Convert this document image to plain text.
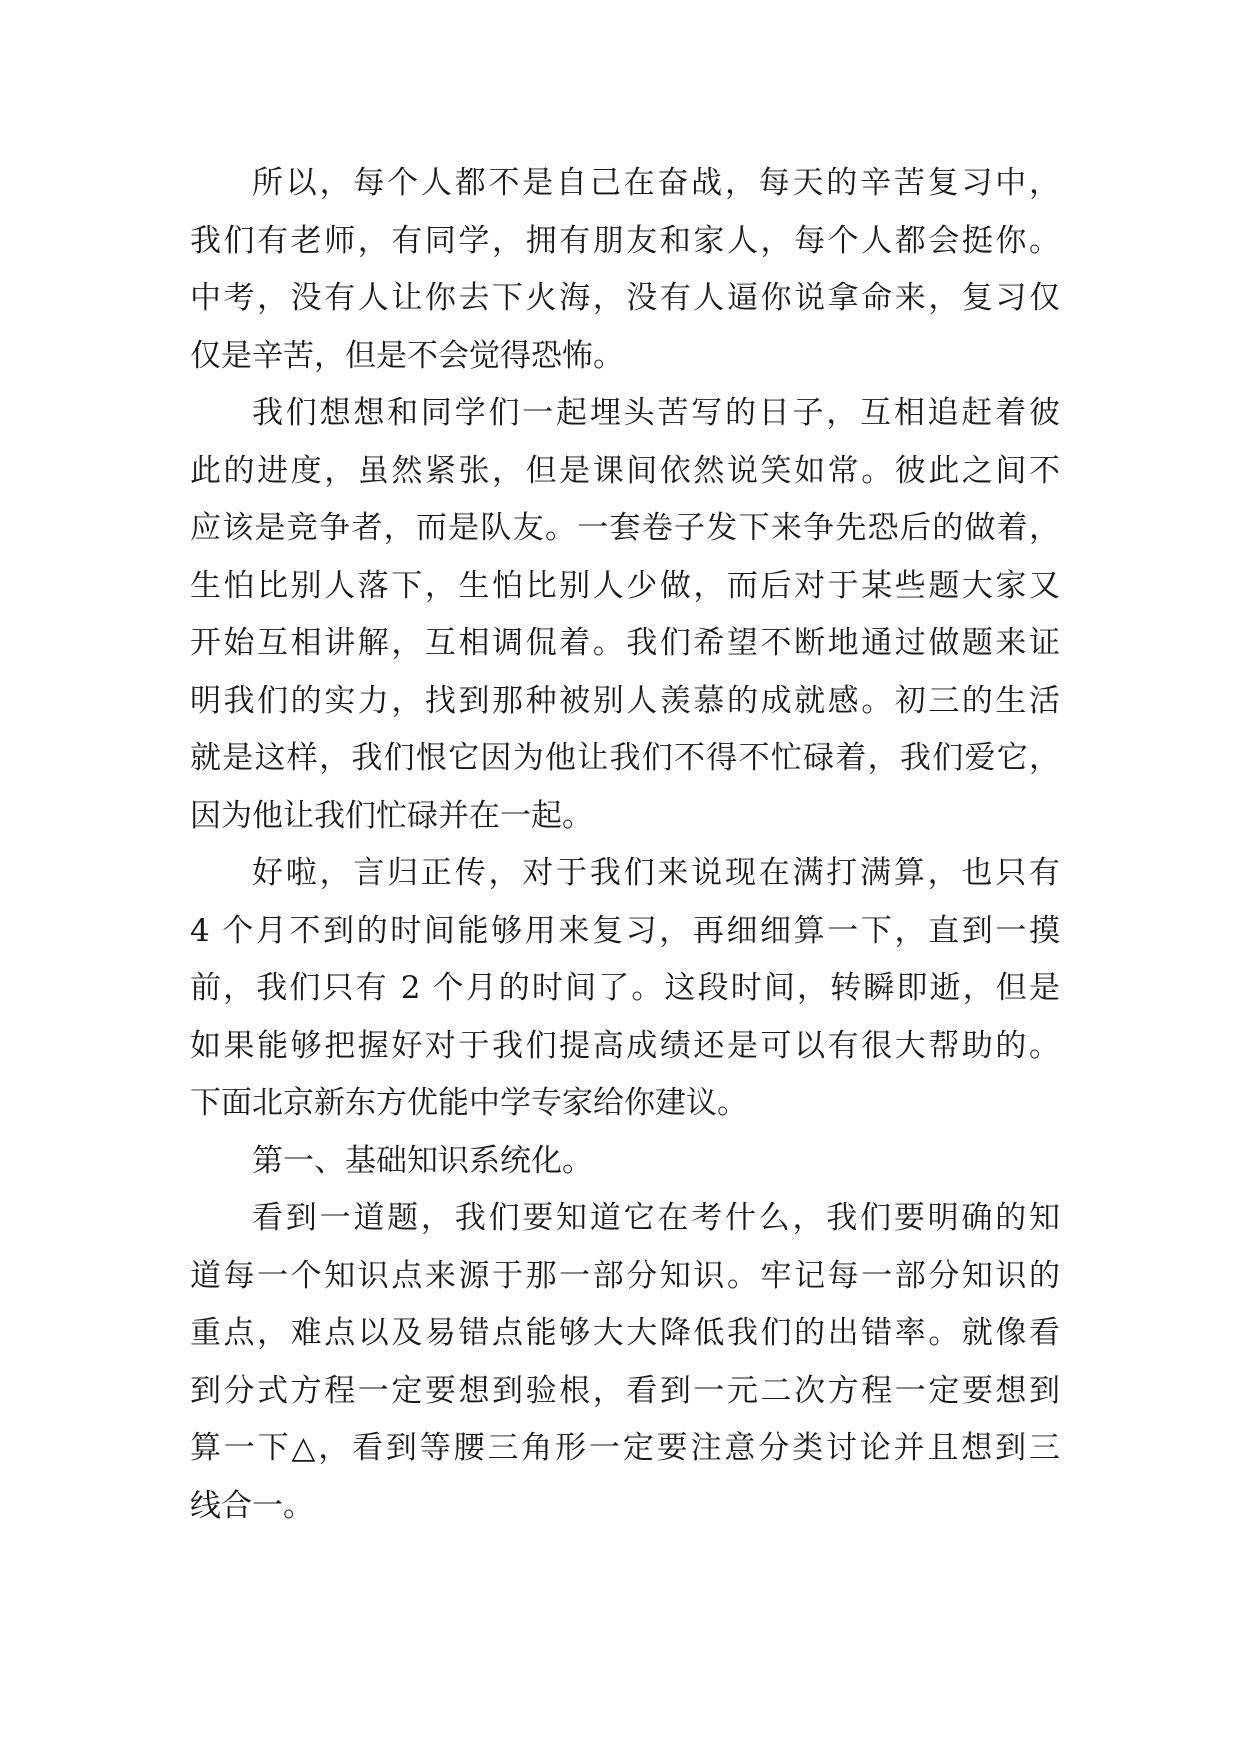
所以，每个人都不是自己在奋战，每天的辛苦复习中，
我们有老师，有同学，拥有朋友和家人，每个人都会挺你。
中考，没有人让你去下火海，没有人逼你说拿命来，复习仅
仅是辛苦，但是不会觉得恐怖。
我们想想和同学们一起埋头苦写的日子，互相追赶着彼
此的进度，虽然紧张，但是课间依然说笑如常。彼此之间不
应该是竞争者，而是队友。一套卷子发下来争先恐后的做着，
生怕比别人落下，生怕比别人少做，而后对于某些题大家又
开始互相讲解，互相调侃着。我们希望不断地通过做题来证
明我们的实力，找到那种被别人羡慕的成就感。初三的生活
就是这样，我们恨它因为他让我们不得不忙碌着，我们爱它，
因为他让我们忙碌并在一起。
好啦，言归正传，对于我们来说现在满打满算，也只有
4 个月不到的时间能够用来复习，再细细算一下，直到一摸
前，我们只有 2 个月的时间了。这段时间，转瞬即逝，但是
如果能够把握好对于我们提高成绩还是可以有很大帮助的。
下面北京新东方优能中学专家给你建议。
第一、基础知识系统化。
看到一道题，我们要知道它在考什么，我们要明确的知
道每一个知识点来源于那一部分知识。牢记每一部分知识的
重点，难点以及易错点能够大大降低我们的出错率。就像看
到分式方程一定要想到验根，看到一元二次方程一定要想到
算一下△，看到等腰三角形一定要注意分类讨论并且想到三
线合一。
